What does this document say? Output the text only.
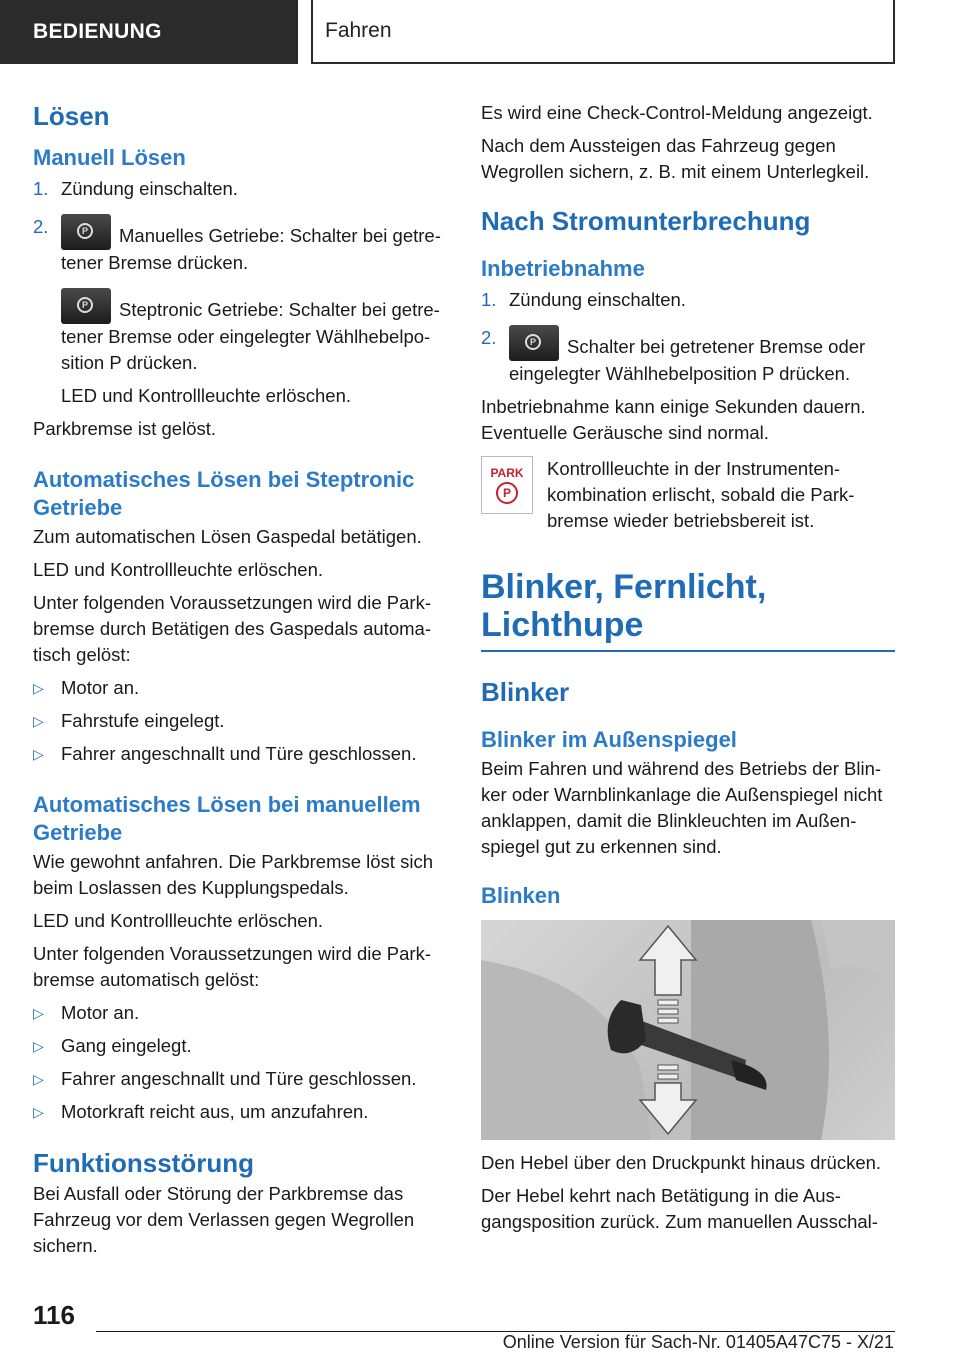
BEDIENUNG	Fahren
Lösen
Manuell Lösen
1. Zündung einschalten.
2.	P Manuelles Getriebe: Schalter bei getre-tener Bremse drücken.
P Steptronic Getriebe: Schalter bei getre-tener Bremse oder eingelegter Wählhebelpo-sition P drücken.
LED und Kontrollleuchte erlöschen.

Parkbremse ist gelöst.

Automatisches Lösen bei Steptronic Getriebe

Zum automatischen Lösen Gaspedal betätigen.

LED und Kontrollleuchte erlöschen.

Unter folgenden Voraussetzungen wird die Park-bremse durch Betätigen des Gaspedals automa-tisch gelöst:

▷ Motor an.
▷ Fahrstufe eingelegt.
▷ Fahrer angeschnallt und Türe geschlossen.
Automatisches Lösen bei manuellem Getriebe

Wie gewohnt anfahren. Die Parkbremse löst sich beim Loslassen des Kupplungspedals.

LED und Kontrollleuchte erlöschen.

Unter folgenden Voraussetzungen wird die Park-bremse automatisch gelöst:

▷ Motor an.
▷ Gang eingelegt.
▷ Fahrer angeschnallt und Türe geschlossen.
▷ Motorkraft reicht aus, um anzufahren.
Funktionsstörung

Bei Ausfall oder Störung der Parkbremse das Fahrzeug vor dem Verlassen gegen Wegrollen sichern.

Es wird eine Check-Control-Meldung angezeigt.

Nach dem Aussteigen das Fahrzeug gegen Wegrollen sichern, z. B. mit einem Unterlegkeil.

Nach Stromunterbrechung
Inbetriebnahme
1. Zündung einschalten.
2.	P Schalter bei getretener Bremse oder eingelegter Wählhebelposition P drücken.

Inbetriebnahme kann einige Sekunden dauern. Eventuelle Geräusche sind normal.

PARK
P

Kontrollleuchte in der Instrumenten-kombination erlischt, sobald die Park-bremse wieder betriebsbereit ist.

Blinker, Fernlicht, Lichthupe
Blinker
Blinker im Außenspiegel

Beim Fahren und während des Betriebs der Blin-ker oder Warnblinkanlage die Außenspiegel nicht anklappen, damit die Blinkleuchten im Außen-spiegel gut zu erkennen sind.

Blinken

Den Hebel über den Druckpunkt hinaus drücken.

Der Hebel kehrt nach Betätigung in die Aus-gangsposition zurück. Zum manuellen Ausschal-

116
Online Version für Sach-Nr. 01405A47C75 - X/21
